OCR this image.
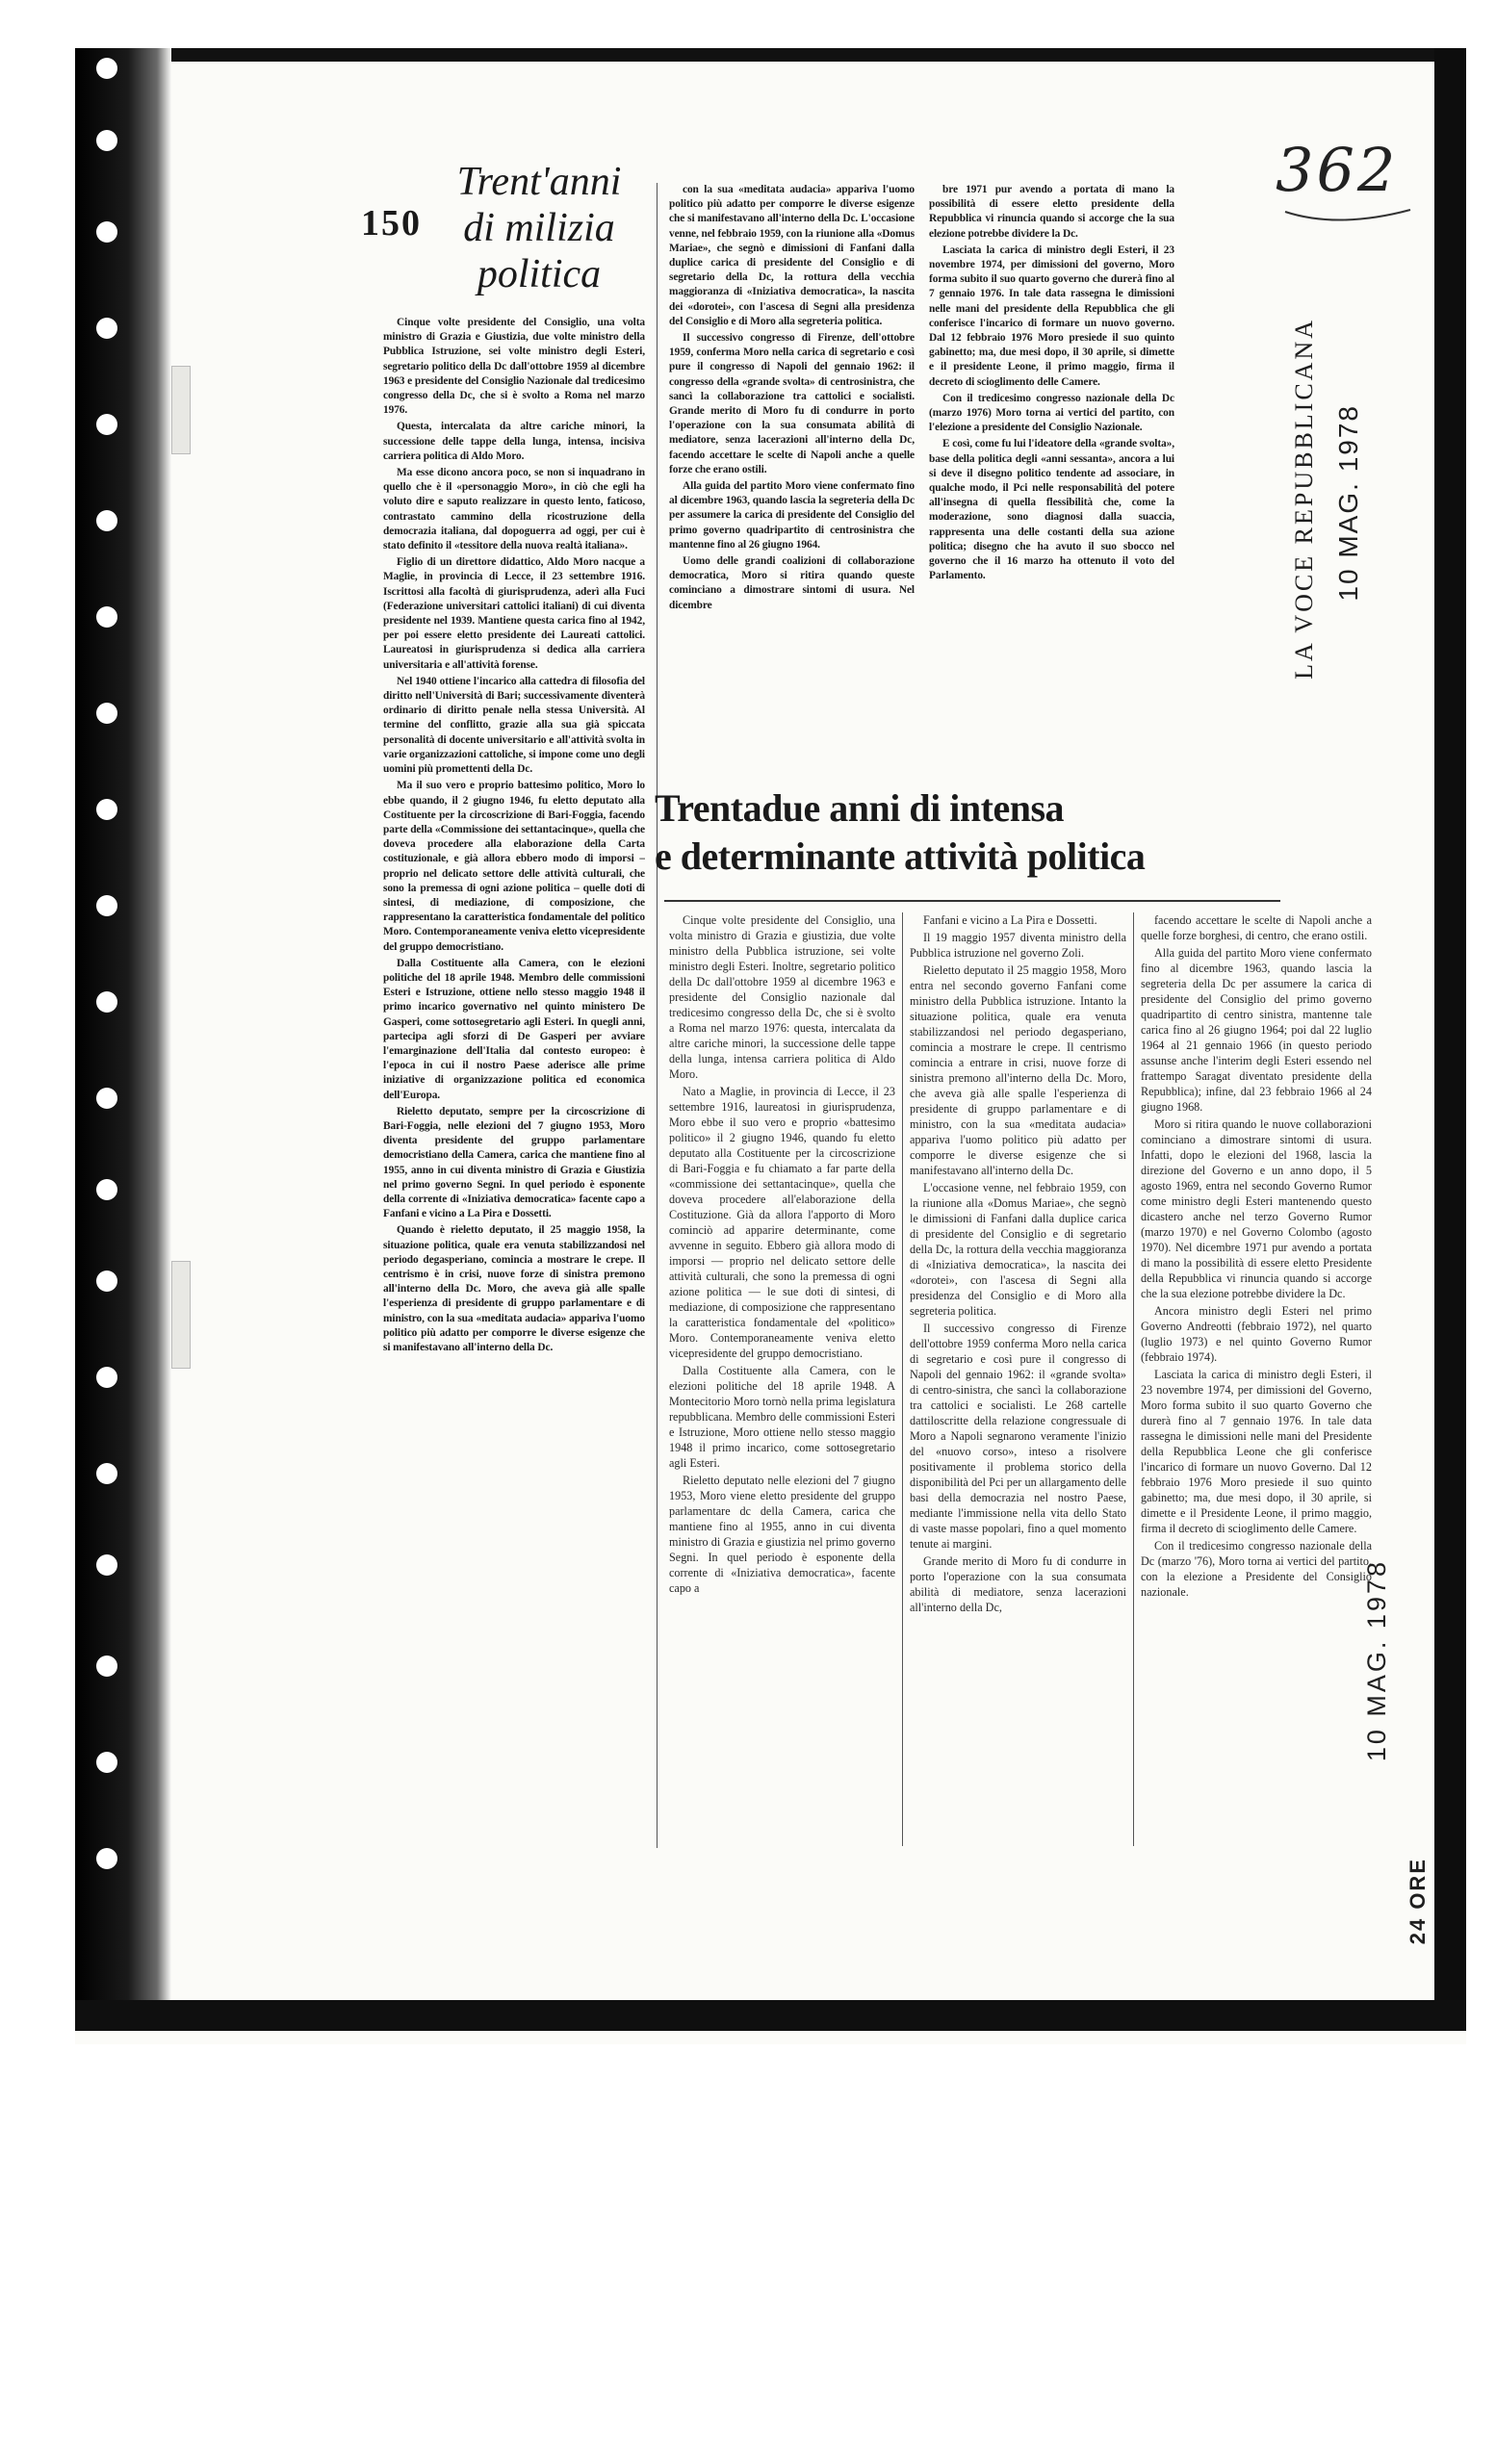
150
Trent'anni
di milizia
politica

Cinque volte presidente del Consiglio, una volta ministro di Grazia e Giustizia, due volte ministro della Pubblica Istruzione, sei volte ministro degli Esteri, segretario politico della Dc dall'ottobre 1959 al dicembre 1963 e presidente del Consiglio Nazionale dal tredicesimo congresso della Dc, che si è svolto a Roma nel marzo 1976.

Questa, intercalata da altre cariche minori, la successione delle tappe della lunga, intensa, incisiva carriera politica di Aldo Moro.

Ma esse dicono ancora poco, se non si inquadrano in quello che è il «personaggio Moro», in ciò che egli ha voluto dire e saputo realizzare in questo lento, faticoso, contrastato cammino della ricostruzione della democrazia italiana, dal dopoguerra ad oggi, per cui è stato definito il «tessitore della nuova realtà italiana».

Figlio di un direttore didattico, Aldo Moro nacque a Maglie, in provincia di Lecce, il 23 settembre 1916. Iscrittosi alla facoltà di giurisprudenza, aderì alla Fuci (Federazione universitari cattolici italiani) di cui diventa presidente nel 1939. Mantiene questa carica fino al 1942, per poi essere eletto presidente dei Laureati cattolici. Laureatosi in giurisprudenza si dedica alla carriera universitaria e all'attività forense.

Nel 1940 ottiene l'incarico alla cattedra di filosofia del diritto nell'Università di Bari; successivamente diventerà ordinario di diritto penale nella stessa Università. Al termine del conflitto, grazie alla sua già spiccata personalità di docente universitario e all'attività svolta in varie organizzazioni cattoliche, si impone come uno degli uomini più promettenti della Dc.

Ma il suo vero e proprio battesimo politico, Moro lo ebbe quando, il 2 giugno 1946, fu eletto deputato alla Costituente per la circoscrizione di Bari-Foggia, facendo parte della «Commissione dei settantacinque», quella che doveva procedere alla elaborazione della Carta costituzionale, e già allora ebbero modo di imporsi – proprio nel delicato settore delle attività culturali, che sono la premessa di ogni azione politica – quelle doti di sintesi, di mediazione, di composizione, che rappresentano la caratteristica fondamentale del politico Moro. Contemporaneamente veniva eletto vicepresidente del gruppo democristiano.

Dalla Costituente alla Camera, con le elezioni politiche del 18 aprile 1948. Membro delle commissioni Esteri e Istruzione, ottiene nello stesso maggio 1948 il primo incarico governativo nel quinto ministero De Gasperi, come sottosegretario agli Esteri. In quegli anni, partecipa agli sforzi di De Gasperi per avviare l'emarginazione dell'Italia dal contesto europeo: è l'epoca in cui il nostro Paese aderisce alle prime iniziative di organizzazione politica ed economica dell'Europa.

Rieletto deputato, sempre per la circoscrizione di Bari-Foggia, nelle elezioni del 7 giugno 1953, Moro diventa presidente del gruppo parlamentare democristiano della Camera, carica che mantiene fino al 1955, anno in cui diventa ministro di Grazia e Giustizia nel primo governo Segni. In quel periodo è esponente della corrente di «Iniziativa democratica» facente capo a Fanfani e vicino a La Pira e Dossetti.

Quando è rieletto deputato, il 25 maggio 1958, la situazione politica, quale era venuta stabilizzandosi nel periodo degasperiano, comincia a mostrare le crepe. Il centrismo è in crisi, nuove forze di sinistra premono all'interno della Dc. Moro, che aveva già alle spalle l'esperienza di presidente di gruppo parlamentare e di ministro, con la sua «meditata audacia» appariva l'uomo politico più adatto per comporre le diverse esigenze che si manifestavano all'interno della Dc.

con la sua «meditata audacia» appariva l'uomo politico più adatto per comporre le diverse esigenze che si manifestavano all'interno della Dc. L'occasione venne, nel febbraio 1959, con la riunione alla «Domus Mariae», che segnò e dimissioni di Fanfani dalla duplice carica di presidente del Consiglio e di segretario della Dc, la rottura della vecchia maggioranza di «Iniziativa democratica», la nascita dei «dorotei», con l'ascesa di Segni alla presidenza del Consiglio e di Moro alla segreteria politica.

Il successivo congresso di Firenze, dell'ottobre 1959, conferma Moro nella carica di segretario e così pure il congresso di Napoli del gennaio 1962: il congresso della «grande svolta» di centrosinistra, che sancì la collaborazione tra cattolici e socialisti. Grande merito di Moro fu di condurre in porto l'operazione con la sua consumata abilità di mediatore, senza lacerazioni all'interno della Dc, facendo accettare le scelte di Napoli anche a quelle forze che erano ostili.

Alla guida del partito Moro viene confermato fino al dicembre 1963, quando lascia la segreteria della Dc per assumere la carica di presidente del Consiglio del primo governo quadripartito di centrosinistra che mantenne fino al 26 giugno 1964.

Uomo delle grandi coalizioni di collaborazione democratica, Moro si ritira quando queste cominciano a dimostrare sintomi di usura. Nel dicembre

bre 1971 pur avendo a portata di mano la possibilità di essere eletto presidente della Repubblica vi rinuncia quando si accorge che la sua elezione potrebbe dividere la Dc.

Lasciata la carica di ministro degli Esteri, il 23 novembre 1974, per dimissioni del governo, Moro forma subito il suo quarto governo che durerà fino al 7 gennaio 1976. In tale data rassegna le dimissioni nelle mani del presidente della Repubblica che gli conferisce l'incarico di formare un nuovo governo. Dal 12 febbraio 1976 Moro presiede il suo quinto gabinetto; ma, due mesi dopo, il 30 aprile, si dimette e il presidente Leone, il primo maggio, firma il decreto di scioglimento delle Camere.

Con il tredicesimo congresso nazionale della Dc (marzo 1976) Moro torna ai vertici del partito, con l'elezione a presidente del Consiglio Nazionale.

E così, come fu lui l'ideatore della «grande svolta», base della politica degli «anni sessanta», ancora a lui si deve il disegno politico tendente ad associare, in qualche modo, il Pci nelle responsabilità del potere all'insegna di quella flessibilità che, come la moderazione, sono diagnosi dalla suaccia, rappresenta una delle costanti della sua azione politica; disegno che ha avuto il suo sbocco nel governo che il 16 marzo ha ottenuto il voto del Parlamento.

Trentadue anni di intensa
e determinante attività politica

Cinque volte presidente del Consiglio, una volta ministro di Grazia e giustizia, due volte ministro della Pubblica istruzione, sei volte ministro degli Esteri. Inoltre, segretario politico della Dc dall'ottobre 1959 al dicembre 1963 e presidente del Consiglio nazionale dal tredicesimo congresso della Dc, che si è svolto a Roma nel marzo 1976: questa, intercalata da altre cariche minori, la successione delle tappe della lunga, intensa carriera politica di Aldo Moro.

Nato a Maglie, in provincia di Lecce, il 23 settembre 1916, laureatosi in giurisprudenza, Moro ebbe il suo vero e proprio «battesimo politico» il 2 giugno 1946, quando fu eletto deputato alla Costituente per la circoscrizione di Bari-Foggia e fu chiamato a far parte della «commissione dei settantacinque», quella che doveva procedere all'elaborazione della Costituzione. Già da allora l'apporto di Moro cominciò ad apparire determinante, come avvenne in seguito. Ebbero già allora modo di imporsi — proprio nel delicato settore delle attività culturali, che sono la premessa di ogni azione politica — le sue doti di sintesi, di mediazione, di composizione che rappresentano la caratteristica fondamentale del «politico» Moro. Contemporaneamente veniva eletto vicepresidente del gruppo democristiano.

Dalla Costituente alla Camera, con le elezioni politiche del 18 aprile 1948. A Montecitorio Moro tornò nella prima legislatura repubblicana. Membro delle commissioni Esteri e Istruzione, Moro ottiene nello stesso maggio 1948 il primo incarico, come sottosegretario agli Esteri.

Rieletto deputato nelle elezioni del 7 giugno 1953, Moro viene eletto presidente del gruppo parlamentare dc della Camera, carica che mantiene fino al 1955, anno in cui diventa ministro di Grazia e giustizia nel primo governo Segni. In quel periodo è esponente della corrente di «Iniziativa democratica», facente capo a

Fanfani e vicino a La Pira e Dossetti.

Il 19 maggio 1957 diventa ministro della Pubblica istruzione nel governo Zoli.

Rieletto deputato il 25 maggio 1958, Moro entra nel secondo governo Fanfani come ministro della Pubblica istruzione. Intanto la situazione politica, quale era venuta stabilizzandosi nel periodo degasperiano, comincia a mostrare le crepe. Il centrismo comincia a entrare in crisi, nuove forze di sinistra premono all'interno della Dc. Moro, che aveva già alle spalle l'esperienza di presidente di gruppo parlamentare e di ministro, con la sua «meditata audacia» appariva l'uomo politico più adatto per comporre le diverse esigenze che si manifestavano all'interno della Dc.

L'occasione venne, nel febbraio 1959, con la riunione alla «Domus Mariae», che segnò le dimissioni di Fanfani dalla duplice carica di presidente del Consiglio e di segretario della Dc, la rottura della vecchia maggioranza di «Iniziativa democratica», la nascita dei «dorotei», con l'ascesa di Segni alla presidenza del Consiglio e di Moro alla segreteria politica.

Il successivo congresso di Firenze dell'ottobre 1959 conferma Moro nella carica di segretario e così pure il congresso di Napoli del gennaio 1962: il «grande svolta» di centro-sinistra, che sancì la collaborazione tra cattolici e socialisti. Le 268 cartelle dattiloscritte della relazione congressuale di Moro a Napoli segnarono veramente l'inizio del «nuovo corso», inteso a risolvere positivamente il problema storico della disponibilità del Pci per un allargamento delle basi della democrazia nel nostro Paese, mediante l'immissione nella vita dello Stato di vaste masse popolari, fino a quel momento tenute ai margini.

Grande merito di Moro fu di condurre in porto l'operazione con la sua consumata abilità di mediatore, senza lacerazioni all'interno della Dc,

facendo accettare le scelte di Napoli anche a quelle forze borghesi, di centro, che erano ostili.

Alla guida del partito Moro viene confermato fino al dicembre 1963, quando lascia la segreteria della Dc per assumere la carica di presidente del Consiglio del primo governo quadripartito di centro sinistra, mantenne tale carica fino al 26 giugno 1964; poi dal 22 luglio 1964 al 21 gennaio 1966 (in questo periodo assunse anche l'interim degli Esteri essendo nel frattempo Saragat diventato presidente della Repubblica); infine, dal 23 febbraio 1966 al 24 giugno 1968.

Moro si ritira quando le nuove collaborazioni cominciano a dimostrare sintomi di usura. Infatti, dopo le elezioni del 1968, lascia la direzione del Governo e un anno dopo, il 5 agosto 1969, entra nel secondo Governo Rumor come ministro degli Esteri mantenendo questo dicastero anche nel terzo Governo Rumor (marzo 1970) e nel Governo Colombo (agosto 1970). Nel dicembre 1971 pur avendo a portata di mano la possibilità di essere eletto Presidente della Repubblica vi rinuncia quando si accorge che la sua elezione potrebbe dividere la Dc.

Ancora ministro degli Esteri nel primo Governo Andreotti (febbraio 1972), nel quarto (luglio 1973) e nel quinto Governo Rumor (febbraio 1974).

Lasciata la carica di ministro degli Esteri, il 23 novembre 1974, per dimissioni del Governo, Moro forma subito il suo quarto Governo che durerà fino al 7 gennaio 1976. In tale data rassegna le dimissioni nelle mani del Presidente della Repubblica Leone che gli conferisce l'incarico di formare un nuovo Governo. Dal 12 febbraio 1976 Moro presiede il suo quinto gabinetto; ma, due mesi dopo, il 30 aprile, si dimette e il Presidente Leone, il primo maggio, firma il decreto di scioglimento delle Camere.

Con il tredicesimo congresso nazionale della Dc (marzo '76), Moro torna ai vertici del partito, con la elezione a Presidente del Consiglio nazionale.

362
LA VOCE REPUBBLICANA 10 MAG. 1978
24 ORE
10 MAG. 1978
